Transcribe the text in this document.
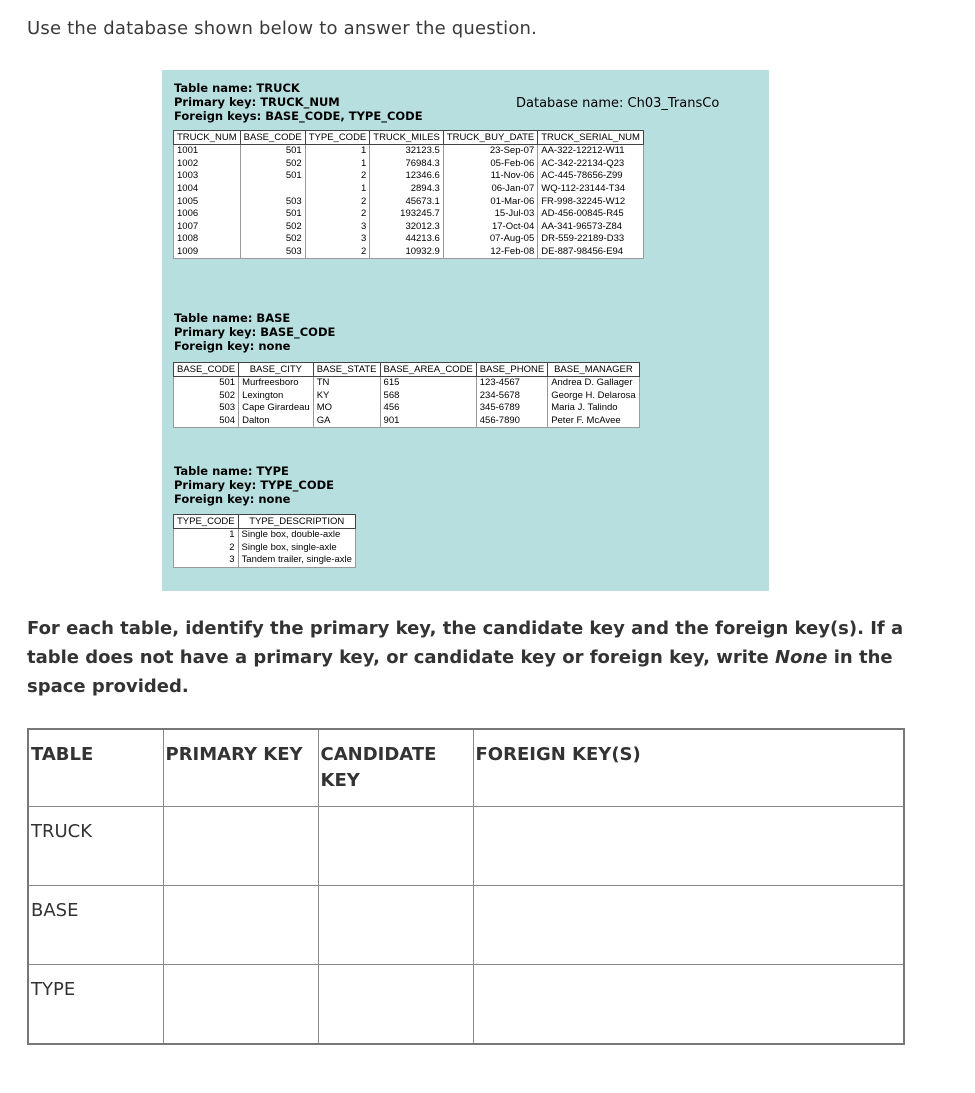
Use the database shown below to answer the question.
Table name: TRUCK
Primary key: TRUCK_NUM
Foreign keys: BASE_CODE, TYPE_CODE
Database name: Ch03_TransCo
TRUCK_NUM	BASE_CODE	TYPE_CODE	TRUCK_MILES	TRUCK_BUY_DATE	TRUCK_SERIAL_NUM
1001	501	1	32123.5	23-Sep-07	AA-322-12212-W11
1002	502	1	76984.3	05-Feb-06	AC-342-22134-Q23
1003	501	2	12346.6	11-Nov-06	AC-445-78656-Z99
1004		1	2894.3	06-Jan-07	WQ-112-23144-T34
1005	503	2	45673.1	01-Mar-06	FR-998-32245-W12
1006	501	2	193245.7	15-Jul-03	AD-456-00845-R45
1007	502	3	32012.3	17-Oct-04	AA-341-96573-Z84
1008	502	3	44213.6	07-Aug-05	DR-559-22189-D33
1009	503	2	10932.9	12-Feb-08	DE-887-98456-E94
Table name: BASE
Primary key: BASE_CODE
Foreign key: none
BASE_CODE	BASE_CITY	BASE_STATE	BASE_AREA_CODE	BASE_PHONE	BASE_MANAGER
501	Murfreesboro	TN	615	123-4567	Andrea D. Gallager
502	Lexington	KY	568	234-5678	George H. Delarosa
503	Cape Girardeau	MO	456	345-6789	Maria J. Talindo
504	Dalton	GA	901	456-7890	Peter F. McAvee
Table name: TYPE
Primary key: TYPE_CODE
Foreign key: none
TYPE_CODE	TYPE_DESCRIPTION
1	Single box, double-axle
2	Single box, single-axle
3	Tandem trailer, single-axle
For each table, identify the primary key, the candidate key and the foreign key(s). If a table does not have a primary key, or candidate key or foreign key, write None in the space provided.
TABLE	PRIMARY KEY	CANDIDATE KEY	FOREIGN KEY(S)
TRUCK			
BASE			
TYPE			
